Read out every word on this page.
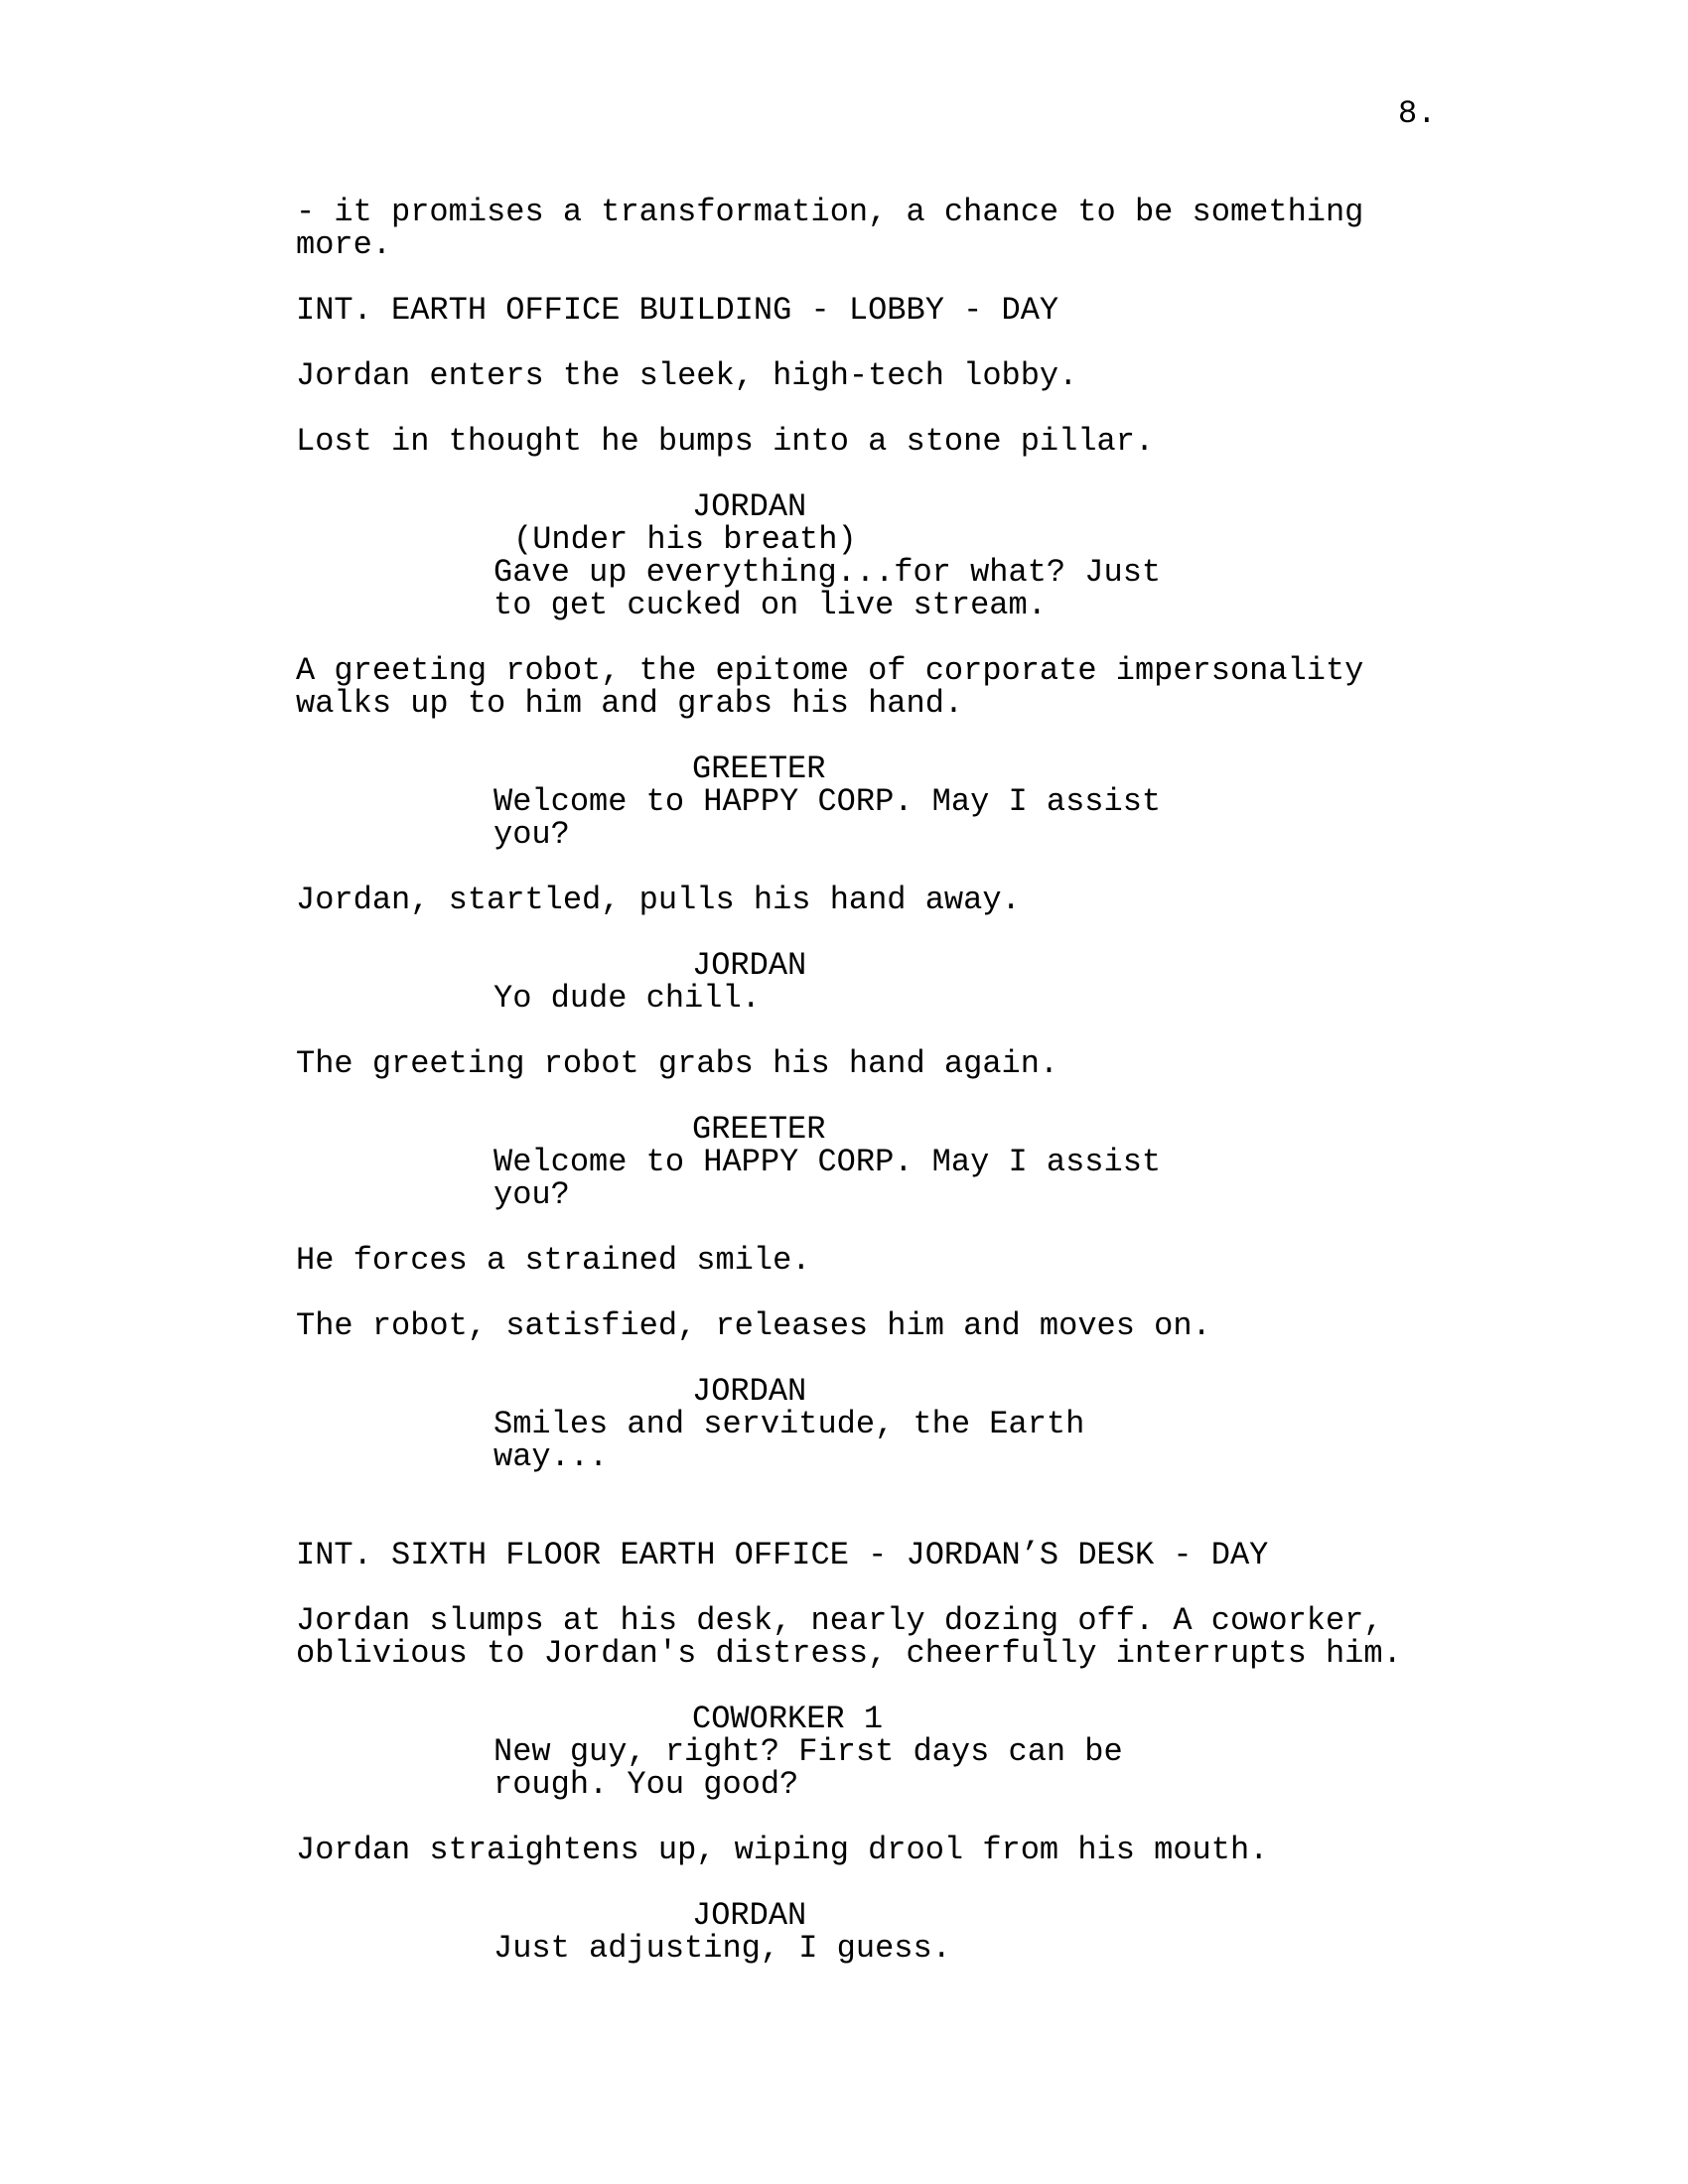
8.
- it promises a transformation, a chance to be something
more.
INT. EARTH OFFICE BUILDING - LOBBY - DAY
Jordan enters the sleek, high-tech lobby.
Lost in thought he bumps into a stone pillar.
JORDAN
(Under his breath)
Gave up everything...for what? Just
to get cucked on live stream.
A greeting robot, the epitome of corporate impersonality
walks up to him and grabs his hand.
GREETER
Welcome to HAPPY CORP. May I assist
you?
Jordan, startled, pulls his hand away.
JORDAN
Yo dude chill.
The greeting robot grabs his hand again.
GREETER
Welcome to HAPPY CORP. May I assist
you?
He forces a strained smile.
The robot, satisfied, releases him and moves on.
JORDAN
Smiles and servitude, the Earth
way...
INT. SIXTH FLOOR EARTH OFFICE - JORDAN’S DESK - DAY
Jordan slumps at his desk, nearly dozing off. A coworker,
oblivious to Jordan's distress, cheerfully interrupts him.
COWORKER 1
New guy, right? First days can be
rough. You good?
Jordan straightens up, wiping drool from his mouth.
JORDAN
Just adjusting, I guess.
